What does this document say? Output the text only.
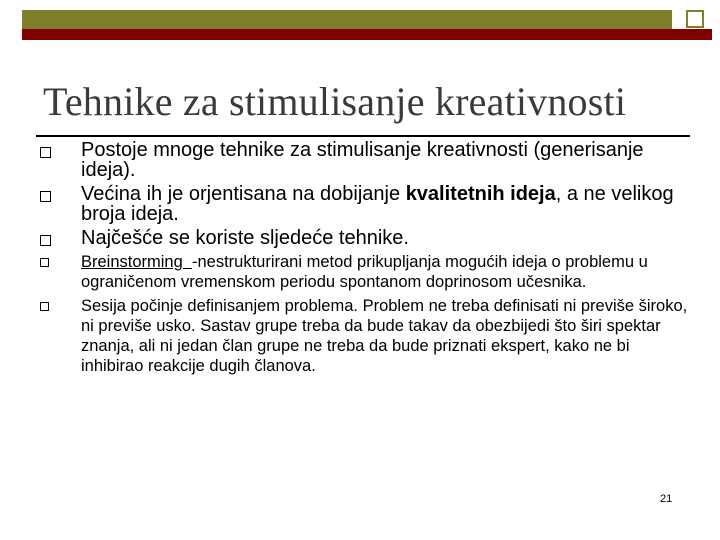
Tehnike za stimulisanje kreativnosti
Postoje mnoge tehnike za stimulisanje kreativnosti (generisanje ideja).
Većina ih je orjentisana na dobijanje kvalitetnih ideja, a ne velikog broja ideja.
Najčešće se koriste sljedeće tehnike.
Breinstorming  -nestrukturirani metod prikupljanja mogućih ideja o problemu u ograničenom vremenskom periodu spontanom doprinosom učesnika.
Sesija počinje definisanjem problema. Problem ne treba definisati ni previše široko, ni previše usko. Sastav grupe treba da bude takav da obezbijedi što širi spektar znanja, ali ni jedan član grupe ne treba da bude priznati ekspert, kako ne bi inhibirao reakcije dugih članova.
21
